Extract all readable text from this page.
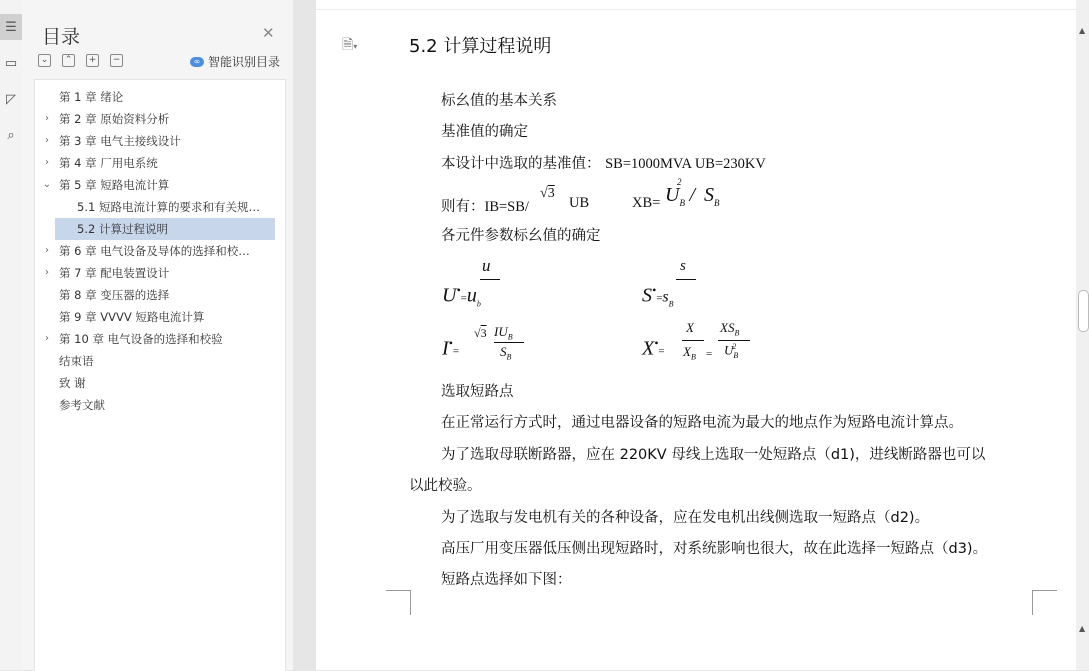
☰
▭
◸
⌕
目录	✕
⌄	⌃	+	−	∞ 智能识别目录
第 1 章 绪论
› 第 2 章 原始资料分析
› 第 3 章 电气主接线设计
› 第 4 章 厂用电系统
⌄ 第 5 章 短路电流计算
5.1 短路电流计算的要求和有关规…
5.2 计算过程说明
› 第 6 章 电气设备及导体的选择和校…
› 第 7 章 配电装置设计
第 8 章 变压器的选择
第 9 章 VVVV 短路电流计算
› 第 10 章 电气设备的选择和校验
结束语
致 谢
参考文献
🗎▾	5.2 计算过程说明
标幺值的基本关系
基准值的确定
本设计中选取的基准值： SB=1000MVA UB=230KV
则有：IB=SB/
√3
UB	$XB= U_B^2/$ $S_B$
各元件参数标幺值的确定
u
$U^•=u_b$
s
$S^•=s_B$
I•=
√3 $IU_B$
$S_B$	X•=
X
$X_B$ =
$XS_B$
$U_B^2$
选取短路点
在正常运行方式时，通过电器设备的短路电流为最大的地点作为短路电流计算点。
为了选取母联断路器，应在 220KV 母线上选取一处短路点（d1)，进线断路器也可以
以此校验。
为了选取与发电机有关的各种设备，应在发电机出线侧选取一短路点（d2)。
高压厂用变压器低压侧出现短路时，对系统影响也很大，故在此选择一短路点（d3)。
短路点选择如下图：
▲
▲
